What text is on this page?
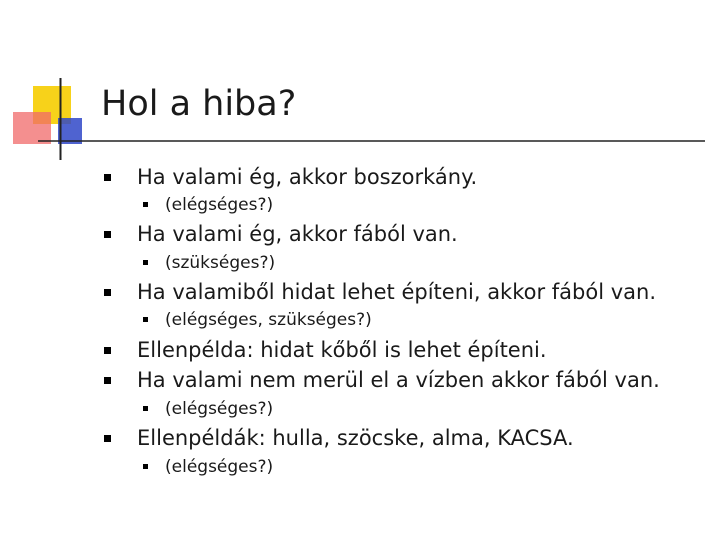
Hol a hiba?
Ha valami ég, akkor boszorkány.
(elégséges?)
Ha valami ég, akkor fából van.
(szükséges?)
Ha valamiből hidat lehet építeni, akkor fából van.
(elégséges, szükséges?)
Ellenpélda: hidat kőből is lehet építeni.
Ha valami nem merül el a vízben akkor fából van.
(elégséges?)
Ellenpéldák: hulla, szöcske, alma, KACSA.
(elégséges?)
